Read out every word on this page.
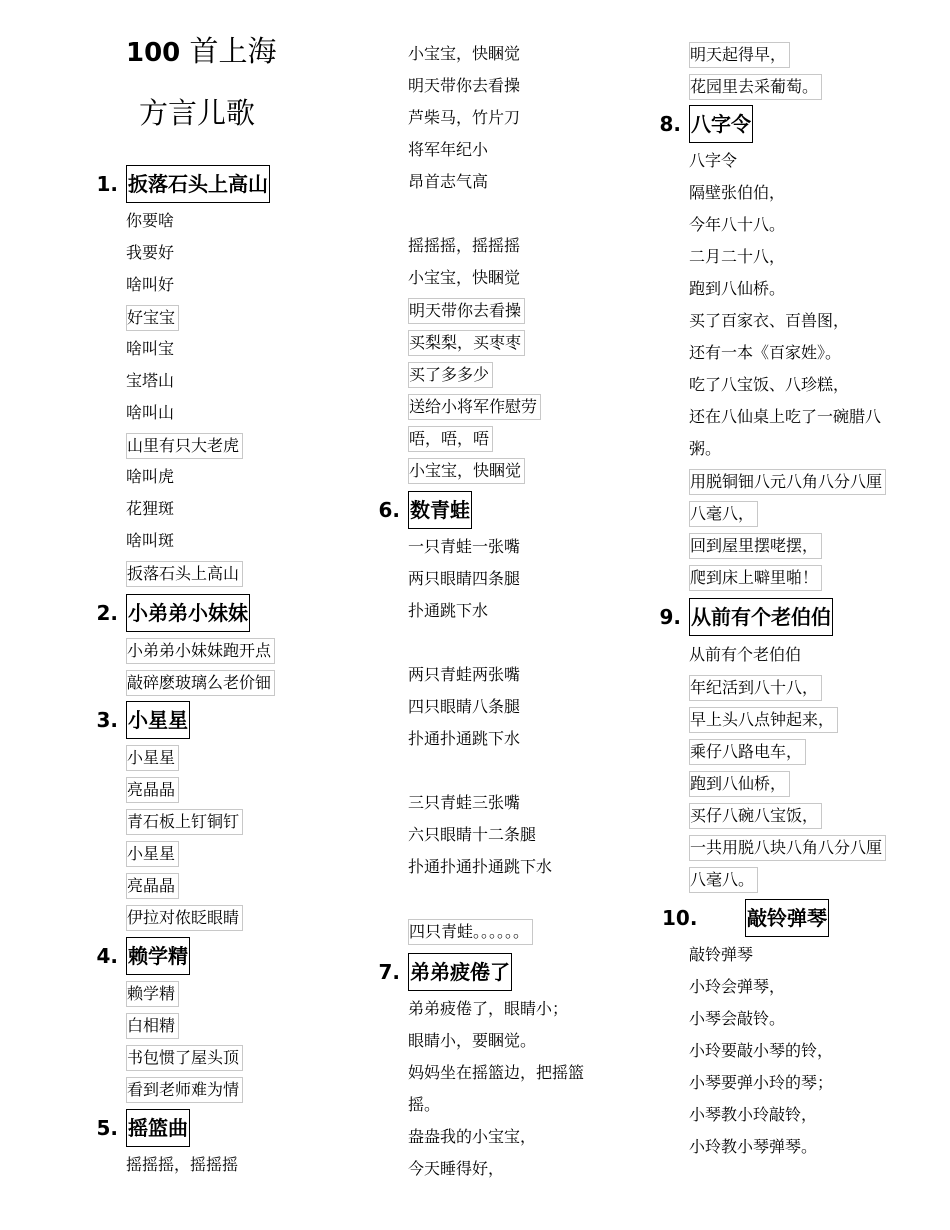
100 首上海
方言儿歌
1. 扳落石头上高山
你要啥
我要好
啥叫好
好宝宝
啥叫宝
宝塔山
啥叫山
山里有只大老虎
啥叫虎
花狸斑
啥叫斑
扳落石头上高山
2. 小弟弟小妹妹
小弟弟小妹妹跑开点
敲碎麽玻璃么老价钿
3. 小星星
小星星
亮晶晶
青石板上钉铜钉
小星星
亮晶晶
伊拉对侬眨眼睛
4. 赖学精
赖学精
白相精
书包惯了屋头顶
看到老师难为情
5. 摇篮曲
摇摇摇，摇摇摇
小宝宝，快睏觉
明天带你去看操
芦柴马，竹片刀
将军年纪小
昂首志气高
摇摇摇，摇摇摇
小宝宝，快睏觉
明天带你去看操
买梨梨，买枣枣
买了多多少
送给小将军作慰劳
唔，唔，唔
小宝宝，快睏觉
6. 数青蛙
一只青蛙一张嘴
两只眼睛四条腿
扑通跳下水
两只青蛙两张嘴
四只眼睛八条腿
扑通扑通跳下水
三只青蛙三张嘴
六只眼睛十二条腿
扑通扑通扑通跳下水
四只青蛙。。。。。。
7. 弟弟疲倦了
弟弟疲倦了，眼睛小；
眼睛小，要睏觉。
妈妈坐在摇篮边，把摇篮
摇。
盎盎我的小宝宝，
今天睡得好，
明天起得早，
花园里去采葡萄。
8. 八字令
八字令
隔壁张伯伯，
今年八十八。
二月二十八，
跑到八仙桥。
买了百家衣、百兽图，
还有一本《百家姓》。
吃了八宝饭、八珍糕，
还在八仙桌上吃了一碗腊八
粥。
用脱铜钿八元八角八分八厘
八毫八，
回到屋里摆咾摆，
爬到床上噼里啪！
9. 从前有个老伯伯
从前有个老伯伯
年纪活到八十八，
早上头八点钟起来，
乘仔八路电车，
跑到八仙桥，
买仔八碗八宝饭，
一共用脱八块八角八分八厘
八毫八。
10. 敲铃弹琴
敲铃弹琴
小玲会弹琴，
小琴会敲铃。
小玲要敲小琴的铃，
小琴要弹小玲的琴；
小琴教小玲敲铃，
小玲教小琴弹琴。
